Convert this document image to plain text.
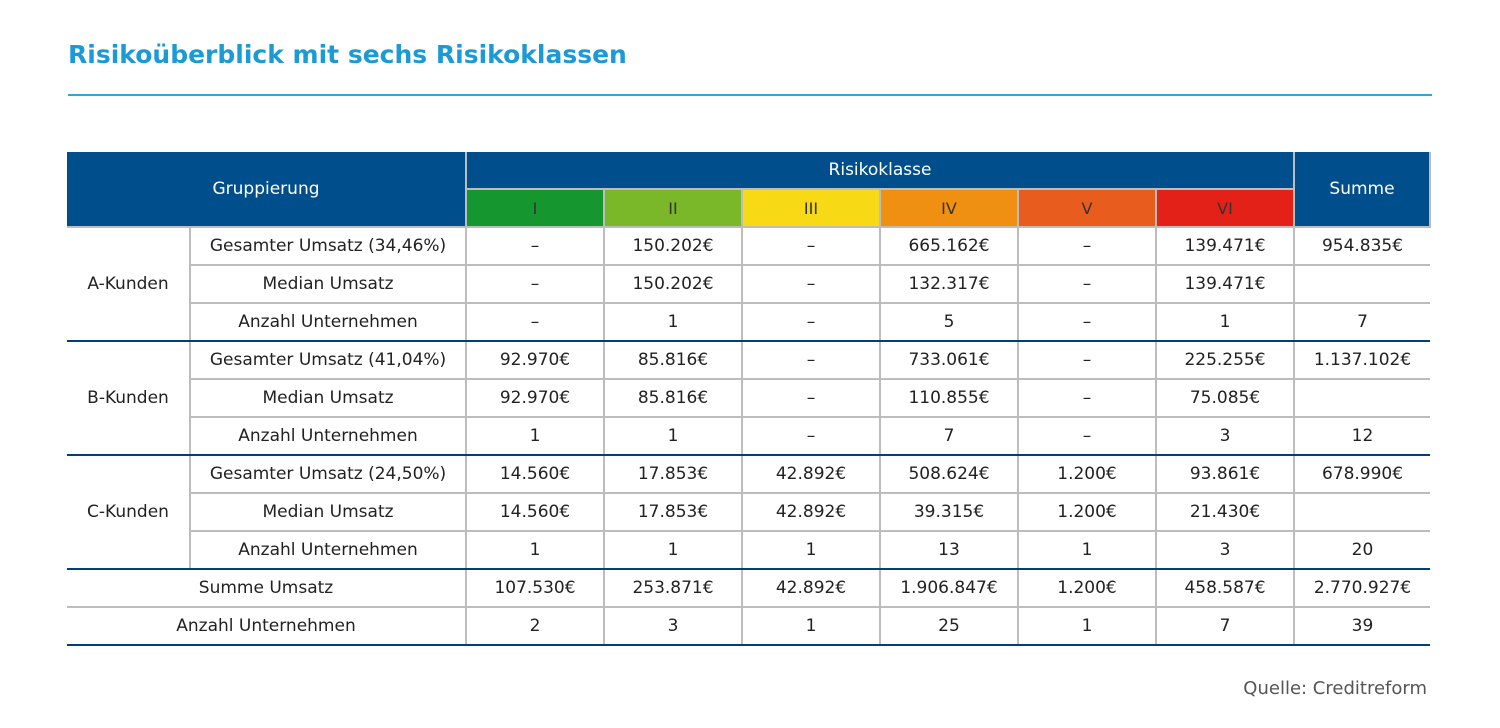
Risikoüberblick mit sechs Risikoklassen
Gruppierung		Risikoklasse						Summe
		I	II	III	IV	V	VI	
A-Kunden	Gesamter Umsatz (34,46%)	–	150.202€	–	665.162€	–	139.471€	954.835€
	Median Umsatz	–	150.202€	–	132.317€	–	139.471€	
	Anzahl Unternehmen	–	1	–	5	–	1	7
B-Kunden	Gesamter Umsatz (41,04%)	92.970€	85.816€	–	733.061€	–	225.255€	1.137.102€
	Median Umsatz	92.970€	85.816€	–	110.855€	–	75.085€	
	Anzahl Unternehmen	1	1	–	7	–	3	12
C-Kunden	Gesamter Umsatz (24,50%)	14.560€	17.853€	42.892€	508.624€	1.200€	93.861€	678.990€
	Median Umsatz	14.560€	17.853€	42.892€	39.315€	1.200€	21.430€	
	Anzahl Unternehmen	1	1	1	13	1	3	20
Summe Umsatz		107.530€	253.871€	42.892€	1.906.847€	1.200€	458.587€	2.770.927€
Anzahl Unternehmen		2	3	1	25	1	7	39
Quelle: Creditreform
